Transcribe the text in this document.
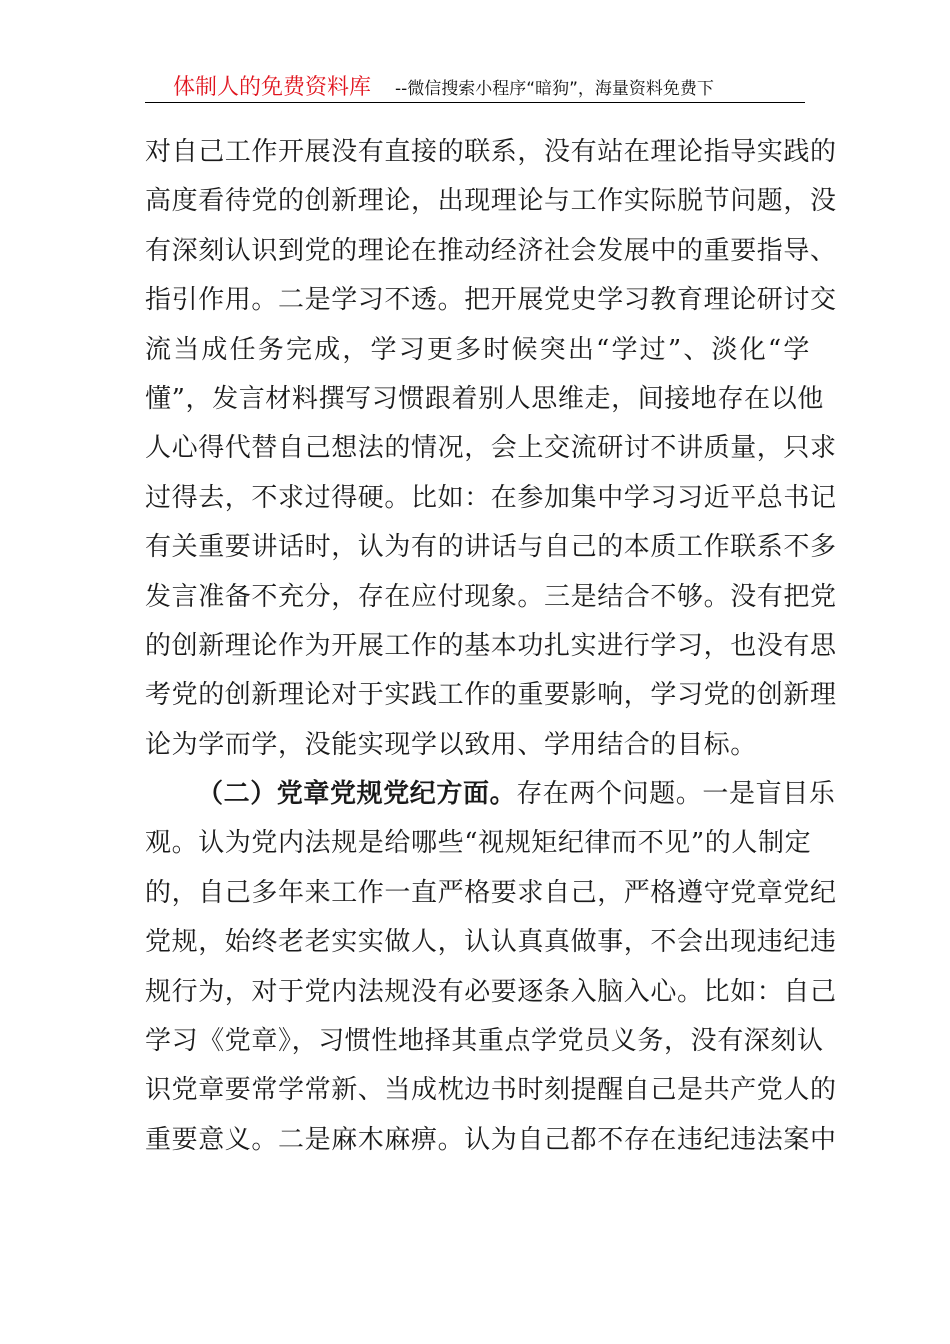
体制人的免费资料库 --微信搜索小程序“暗狗”，海量资料免费下
对自己工作开展没有直接的联系，没有站在理论指导实践的
高度看待党的创新理论，出现理论与工作实际脱节问题，没
有深刻认识到党的理论在推动经济社会发展中的重要指导、
指引作用。二是学习不透。把开展党史学习教育理论研讨交
流当成任务完成，学习更多时候突出“学过”、淡化“学
懂”，发言材料撰写习惯跟着别人思维走，间接地存在以他
人心得代替自己想法的情况，会上交流研讨不讲质量，只求
过得去，不求过得硬。比如：在参加集中学习习近平总书记
有关重要讲话时，认为有的讲话与自己的本质工作联系不多
发言准备不充分，存在应付现象。三是结合不够。没有把党
的创新理论作为开展工作的基本功扎实进行学习，也没有思
考党的创新理论对于实践工作的重要影响，学习党的创新理
论为学而学，没能实现学以致用、学用结合的目标。
（二）党章党规党纪方面。存在两个问题。一是盲目乐
观。认为党内法规是给哪些“视规矩纪律而不见”的人制定
的，自己多年来工作一直严格要求自己，严格遵守党章党纪
党规，始终老老实实做人，认认真真做事，不会出现违纪违
规行为，对于党内法规没有必要逐条入脑入心。比如：自己
学习《党章》，习惯性地择其重点学党员义务，没有深刻认
识党章要常学常新、当成枕边书时刻提醒自己是共产党人的
重要意义。二是麻木麻痹。认为自己都不存在违纪违法案中
